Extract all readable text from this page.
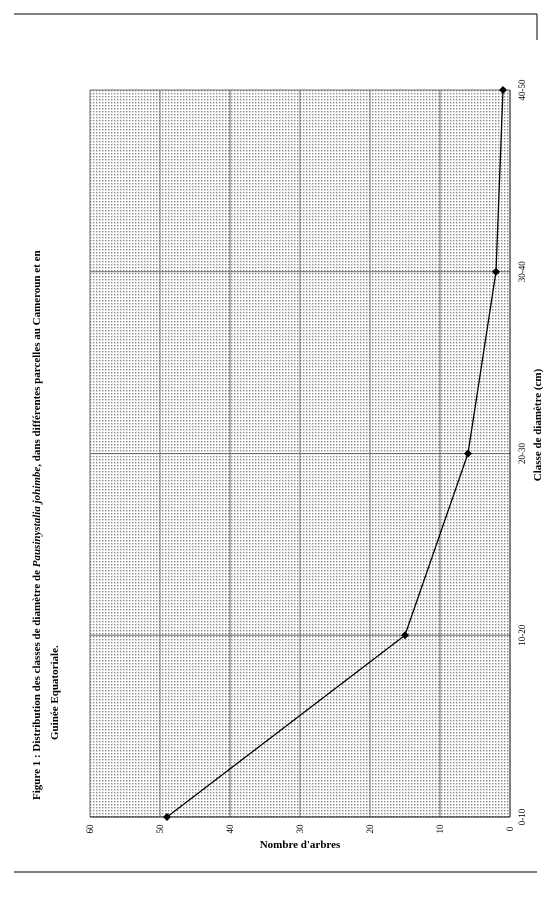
Figure 1 : Distribution des classes de diamètre de Pausinystalia johimbe, dans différentes parcelles au Cameroun et en
Guinée Equatoriale.
0
10
20
30
40
50
60
0-10
10-20
20-30
30-40
40-50
Nombre d'arbres
Classe de diamètre (cm)
